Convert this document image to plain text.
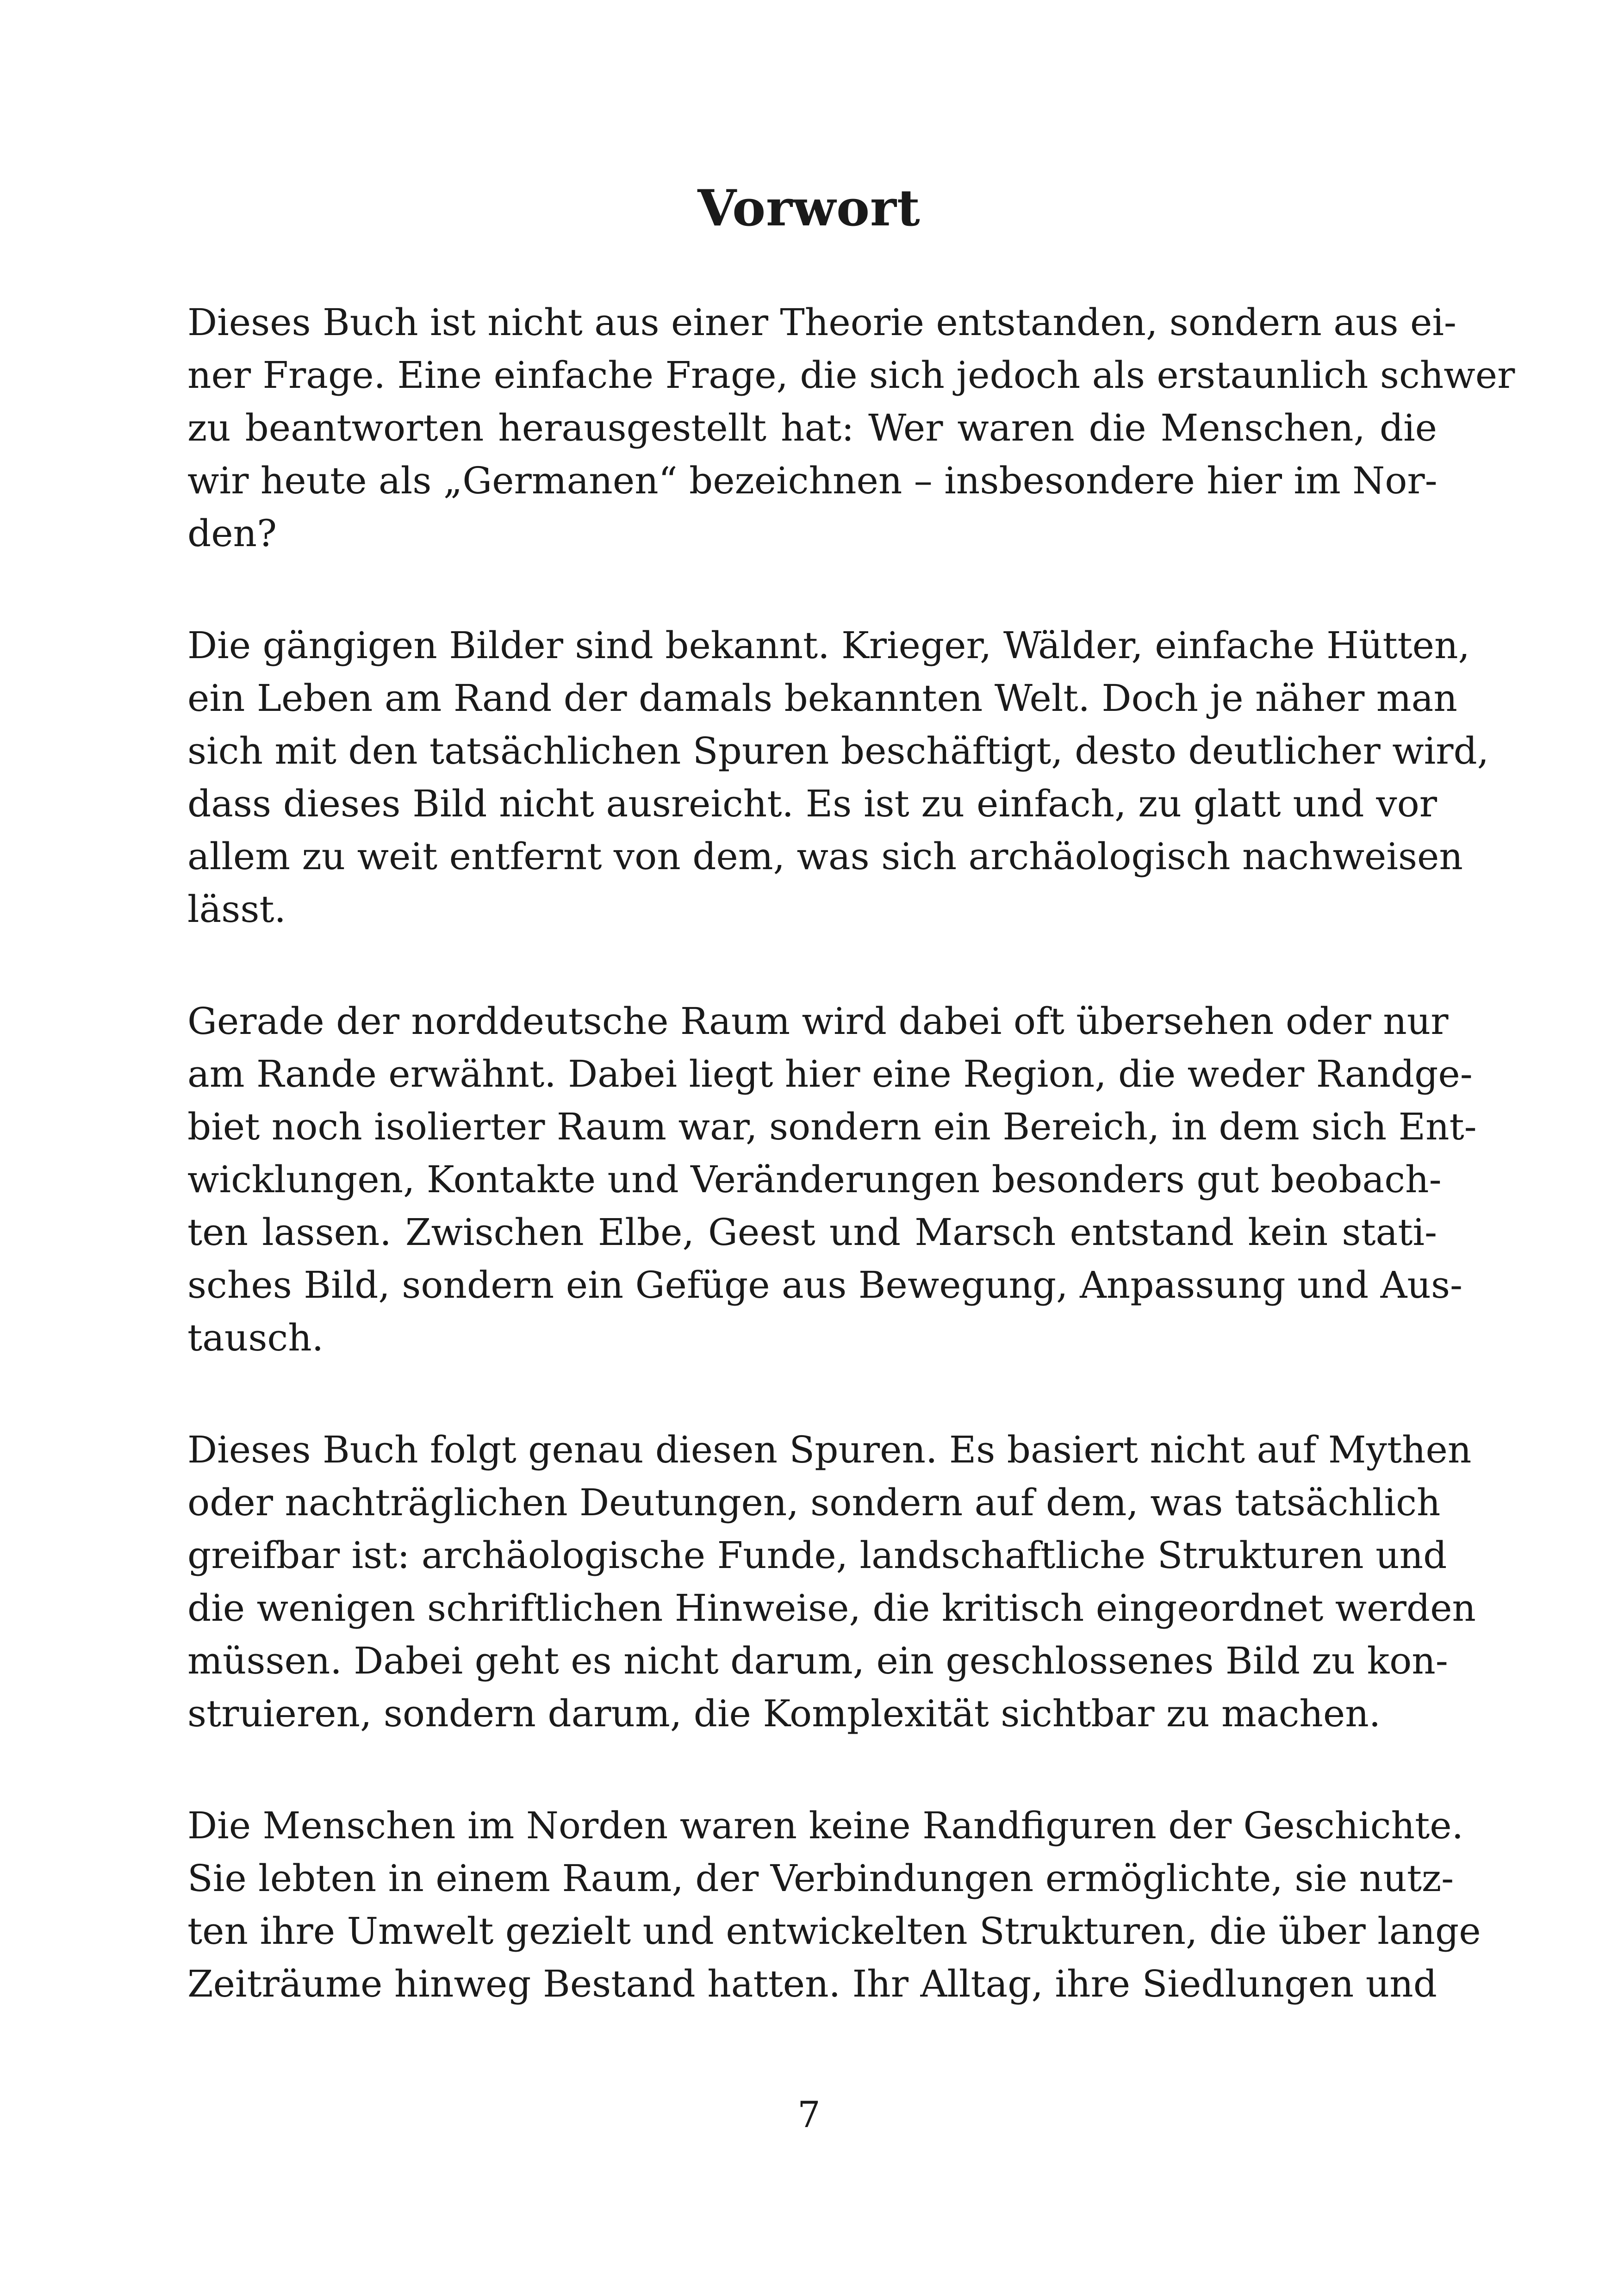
Vorwort

Dieses Buch ist nicht aus einer Theorie entstanden, sondern aus ei-
ner Frage. Eine einfache Frage, die sich jedoch als erstaunlich schwer
zu beantworten herausgestellt hat: Wer waren die Menschen, die
wir heute als „Germanen“ bezeichnen – insbesondere hier im Nor-
den?

Die gängigen Bilder sind bekannt. Krieger, Wälder, einfache Hütten,
ein Leben am Rand der damals bekannten Welt. Doch je näher man
sich mit den tatsächlichen Spuren beschäftigt, desto deutlicher wird,
dass dieses Bild nicht ausreicht. Es ist zu einfach, zu glatt und vor
allem zu weit entfernt von dem, was sich archäologisch nachweisen
lässt.

Gerade der norddeutsche Raum wird dabei oft übersehen oder nur
am Rande erwähnt. Dabei liegt hier eine Region, die weder Randge-
biet noch isolierter Raum war, sondern ein Bereich, in dem sich Ent-
wicklungen, Kontakte und Veränderungen besonders gut beobach-
ten lassen. Zwischen Elbe, Geest und Marsch entstand kein stati-
sches Bild, sondern ein Gefüge aus Bewegung, Anpassung und Aus-
tausch.

Dieses Buch folgt genau diesen Spuren. Es basiert nicht auf Mythen
oder nachträglichen Deutungen, sondern auf dem, was tatsächlich
greifbar ist: archäologische Funde, landschaftliche Strukturen und
die wenigen schriftlichen Hinweise, die kritisch eingeordnet werden
müssen. Dabei geht es nicht darum, ein geschlossenes Bild zu kon-
struieren, sondern darum, die Komplexität sichtbar zu machen.

Die Menschen im Norden waren keine Randfiguren der Geschichte.
Sie lebten in einem Raum, der Verbindungen ermöglichte, sie nutz-
ten ihre Umwelt gezielt und entwickelten Strukturen, die über lange
Zeiträume hinweg Bestand hatten. Ihr Alltag, ihre Siedlungen und

7
